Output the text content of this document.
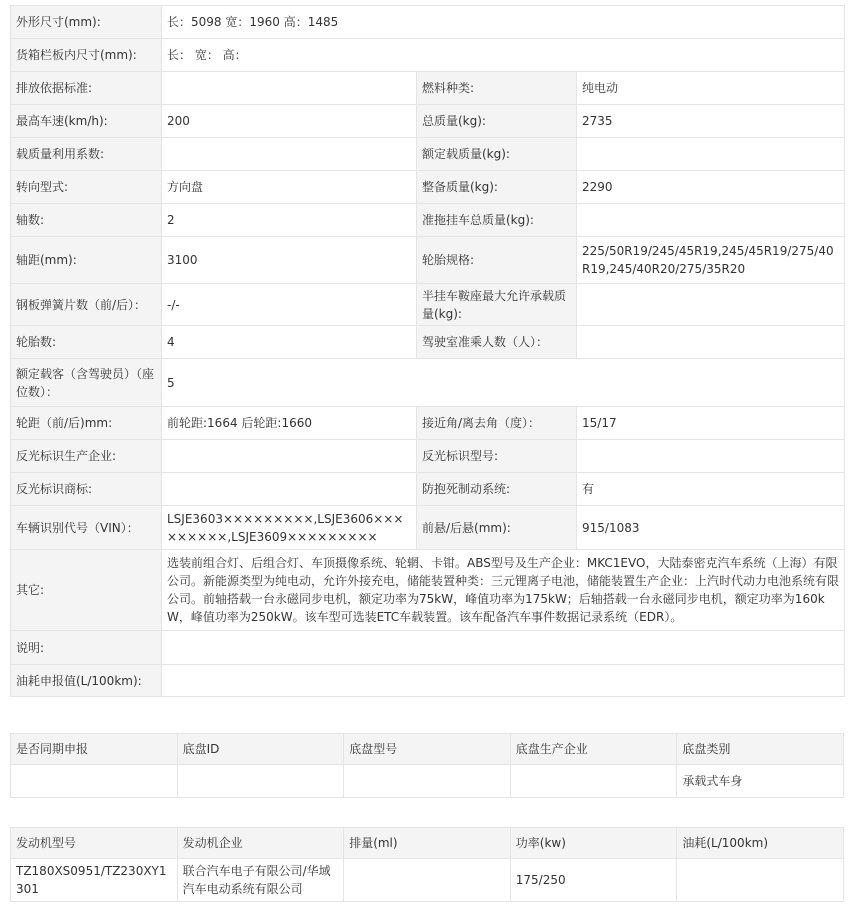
外形尺寸(mm):	长：5098 宽：1960 高：1485		
货箱栏板内尺寸(mm):	长： 宽： 高：		
排放依据标准:		燃料种类:	纯电动
最高车速(km/h):	200	总质量(kg):	2735
载质量利用系数:		额定载质量(kg):	
转向型式:	方向盘	整备质量(kg):	2290
轴数:	2	准拖挂车总质量(kg):	
轴距(mm):	3100	轮胎规格:	225/50R19/245/45R19,245/45R19/275/40R19,245/40R20/275/35R20
钢板弹簧片数（前/后）：	-/-	半挂车鞍座最大允许承载质量(kg):	
轮胎数:	4	驾驶室准乘人数（人）：	
额定载客（含驾驶员）（座位数）：	5		
轮距（前/后)mm:	前轮距:1664 后轮距:1660	接近角/离去角（度）：	15/17
反光标识生产企业:		反光标识型号:	
反光标识商标:		防抱死制动系统:	有
车辆识别代号（VIN）：	LSJE3603×××××××××,LSJE3606×××××××××,LSJE3609×××××××××	前悬/后悬(mm):	915/1083
其它:	选装前组合灯、后组合灯、车顶摄像系统、轮辋、卡钳。ABS型号及生产企业：MKC1EVO，大陆泰密克汽车系统（上海）有限公司。新能源类型为纯电动，允许外接充电，储能装置种类：三元锂离子电池，储能装置生产企业：上汽时代动力电池系统有限公司。前轴搭载一台永磁同步电机，额定功率为75kW，峰值功率为175kW；后轴搭载一台永磁同步电机，额定功率为160kW，峰值功率为250kW。该车型可选装ETC车载装置。该车配备汽车事件数据记录系统（EDR）。		
说明:			
油耗申报值(L/100km):			
是否同期申报	底盘ID	底盘型号	底盘生产企业	底盘类别
				承载式车身
发动机型号	发动机企业	排量(ml)	功率(kw)	油耗(L/100km)
TZ180XS0951/TZ230XY1301	联合汽车电子有限公司/华域汽车电动系统有限公司		175/250	
